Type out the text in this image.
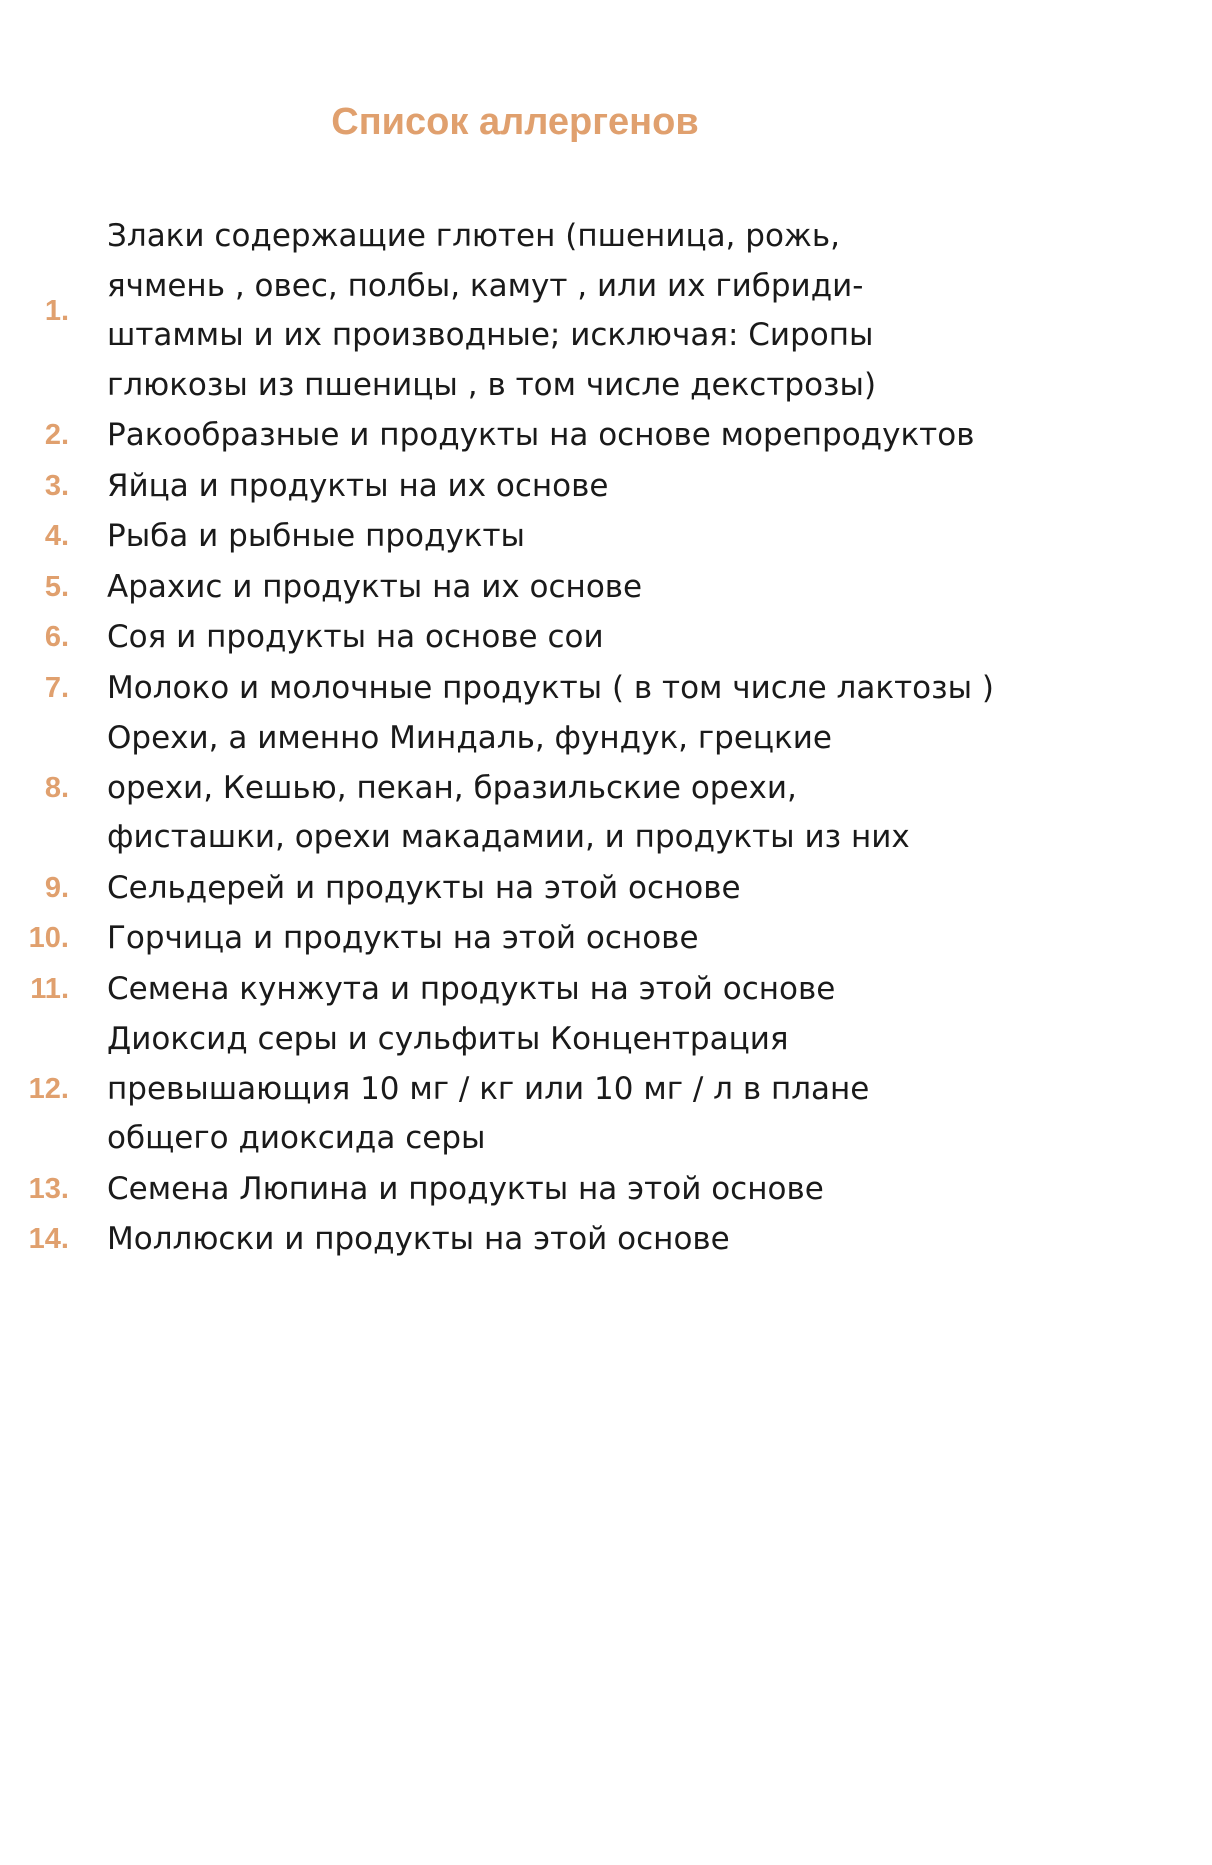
Список аллергенов
1.
Злаки содержащие глютен (пшеница, рожь,
ячмень , овес, полбы, камут , или их гибриди-
штаммы и их производные; исключая: Сиропы
глюкозы из пшеницы , в том числе декстрозы)
2. Ракообразные и продукты на основе морепродуктов
3. Яйца и продукты на их основе
4. Рыба и рыбные продукты
5. Арахис и продукты на их основе
6. Соя и продукты на основе сои
7. Молоко и молочные продукты ( в том числе лактозы )
8.
Орехи, а именно Миндаль, фундук, грецкие
орехи, Кешью, пекан, бразильские орехи,
фисташки, орехи макадамии, и продукты из них
9. Сельдерей и продукты на этой основе
10. Горчица и продукты на этой основе
11. Семена кунжута и продукты на этой основе
12.
Диоксид серы и сульфиты Концентрация
превышающия 10 мг / кг или 10 мг / л в плане
общего диоксида серы
13. Семена Люпина и продукты на этой основе
14. Моллюски и продукты на этой основе
